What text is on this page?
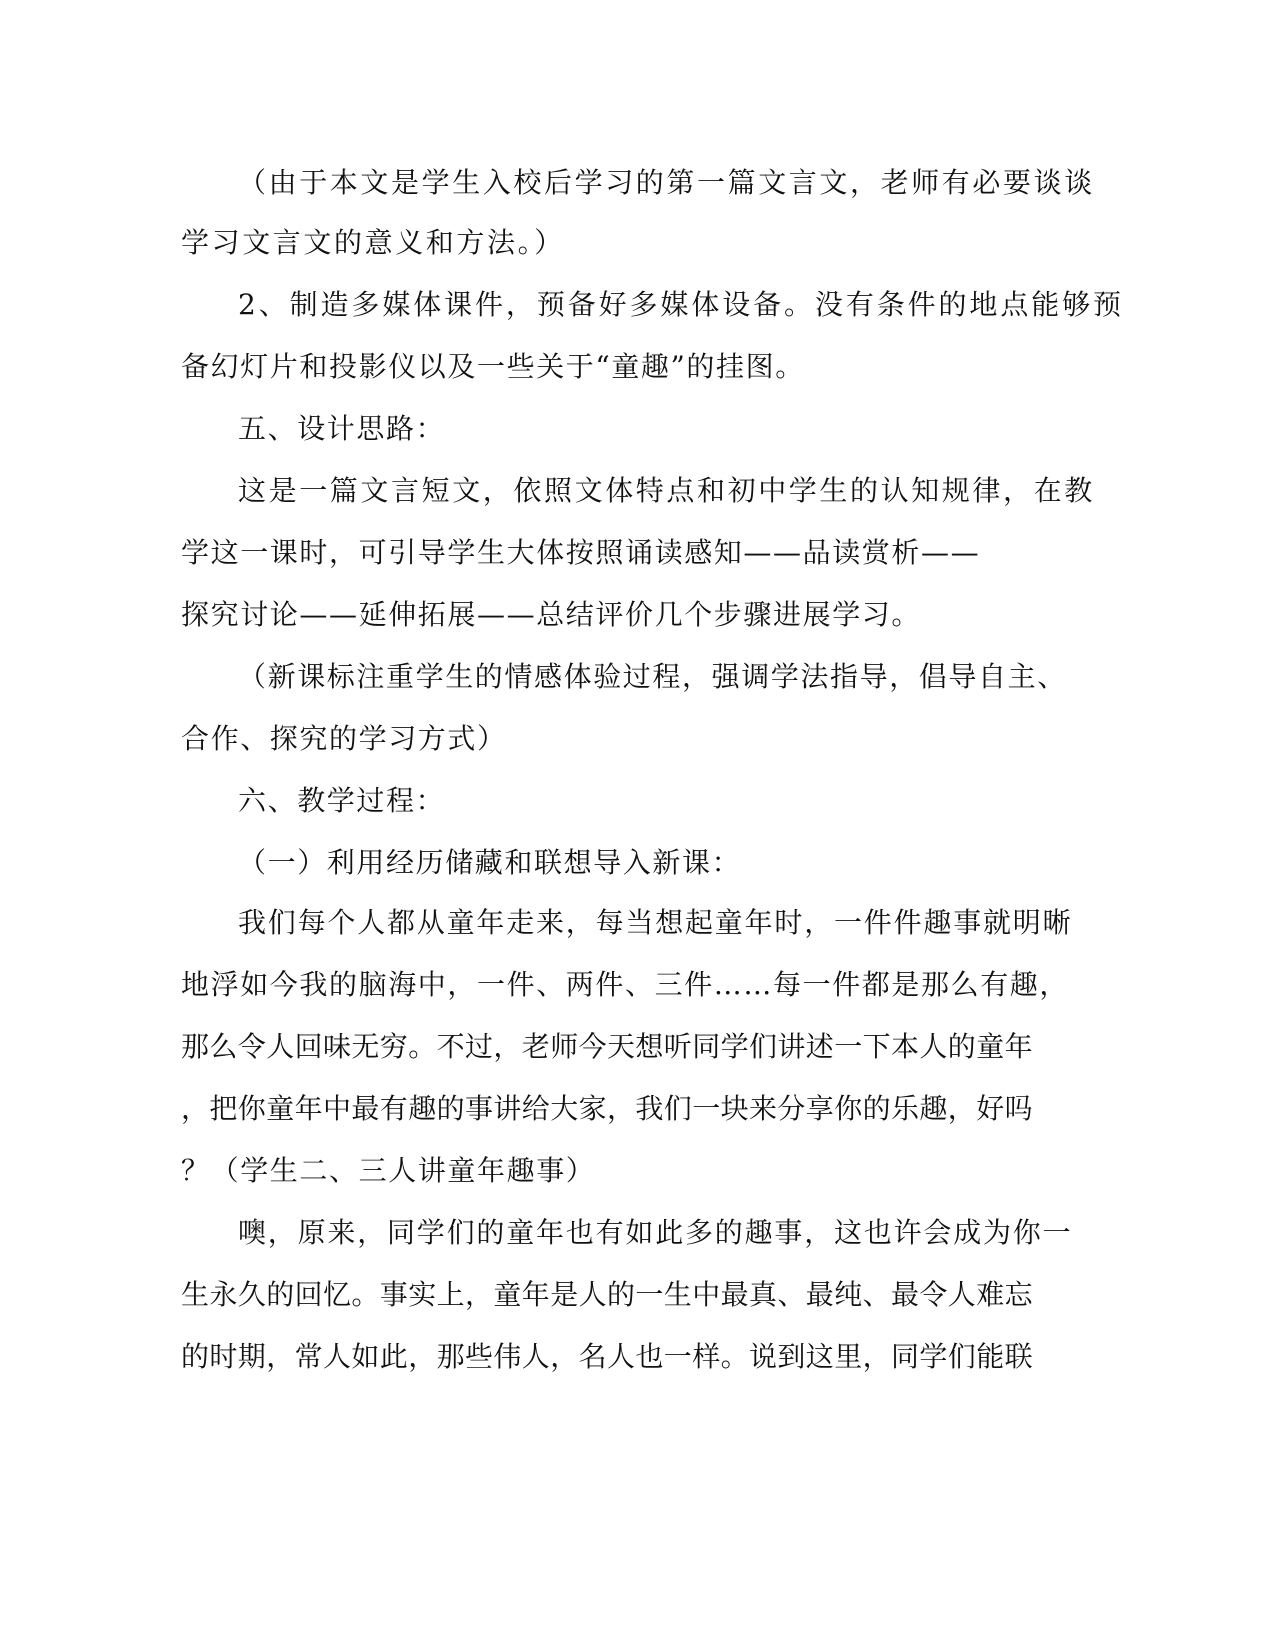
（由于本文是学生入校后学习的第一篇文言文，老师有必要谈谈
学习文言文的意义和方法。）
2、制造多媒体课件，预备好多媒体设备。没有条件的地点能够预
备幻灯片和投影仪以及一些关于“童趣”的挂图。
五、设计思路：
这是一篇文言短文，依照文体特点和初中学生的认知规律，在教
学这一课时，可引导学生大体按照诵读感知——品读赏析——
探究讨论——延伸拓展——总结评价几个步骤进展学习。
（新课标注重学生的情感体验过程，强调学法指导，倡导自主、
合作、探究的学习方式）
六、教学过程：
（一）利用经历储藏和联想导入新课：
我们每个人都从童年走来，每当想起童年时，一件件趣事就明晰
地浮如今我的脑海中，一件、两件、三件……每一件都是那么有趣，
那么令人回味无穷。不过，老师今天想听同学们讲述一下本人的童年
，把你童年中最有趣的事讲给大家，我们一块来分享你的乐趣，好吗
？（学生二、三人讲童年趣事）
噢，原来，同学们的童年也有如此多的趣事，这也许会成为你一
生永久的回忆。事实上，童年是人的一生中最真、最纯、最令人难忘
的时期，常人如此，那些伟人，名人也一样。说到这里，同学们能联
